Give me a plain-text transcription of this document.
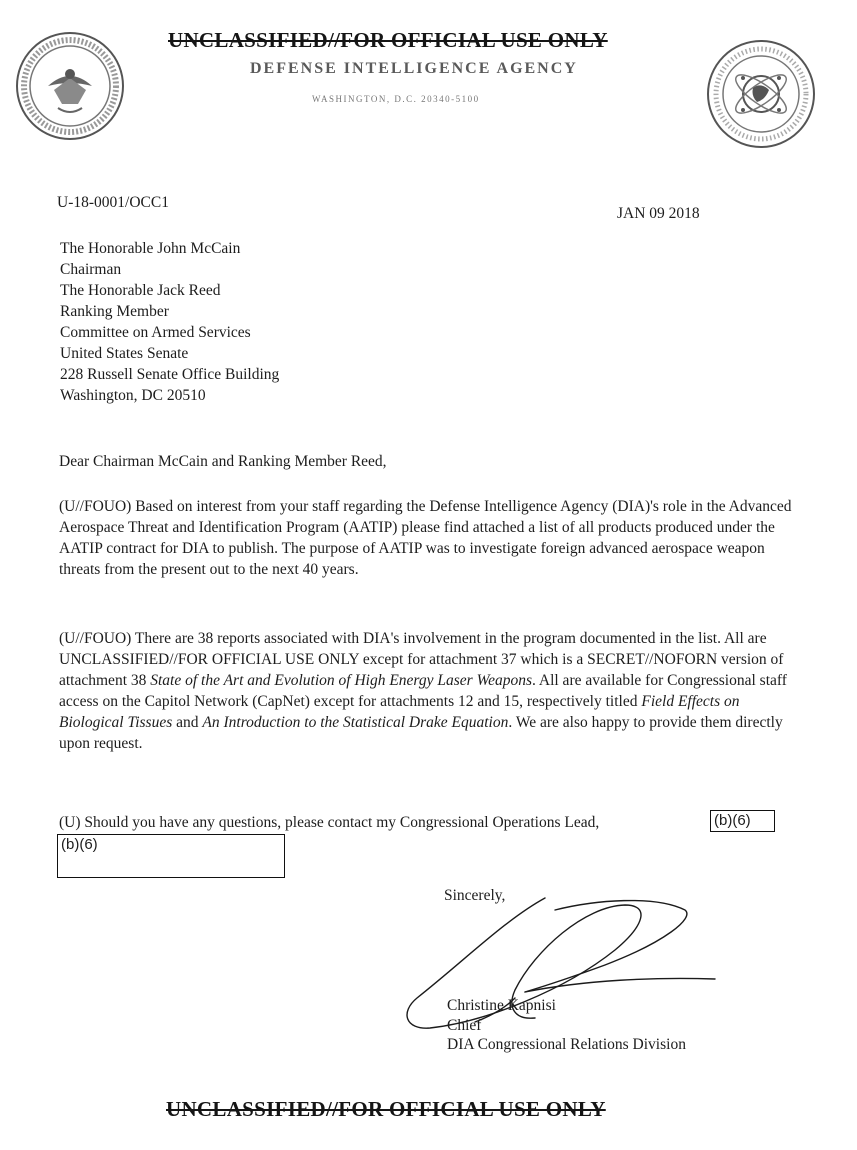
UNCLASSIFIED//FOR OFFICIAL USE ONLY
DEFENSE INTELLIGENCE AGENCY
WASHINGTON, D.C. 20340-5100
U-18-0001/OCC1
JAN 09 2018
The Honorable John McCain
Chairman
The Honorable Jack Reed
Ranking Member
Committee on Armed Services
United States Senate
228 Russell Senate Office Building
Washington, DC 20510
Dear Chairman McCain and Ranking Member Reed,
(U//FOUO) Based on interest from your staff regarding the Defense Intelligence Agency (DIA)'s role in the Advanced Aerospace Threat and Identification Program (AATIP) please find attached a list of all products produced under the AATIP contract for DIA to publish. The purpose of AATIP was to investigate foreign advanced aerospace weapon threats from the present out to the next 40 years.
(U//FOUO) There are 38 reports associated with DIA's involvement in the program documented in the list. All are UNCLASSIFIED//FOR OFFICIAL USE ONLY except for attachment 37 which is a SECRET//NOFORN version of attachment 38 State of the Art and Evolution of High Energy Laser Weapons. All are available for Congressional staff access on the Capitol Network (CapNet) except for attachments 12 and 15, respectively titled Field Effects on Biological Tissues and An Introduction to the Statistical Drake Equation. We are also happy to provide them directly upon request.
(U) Should you have any questions, please contact my Congressional Operations Lead,	(b)(6)
(b)(6)
Sincerely,
Christine Kapnisi
Chief
DIA Congressional Relations Division
UNCLASSIFIED//FOR OFFICIAL USE ONLY
